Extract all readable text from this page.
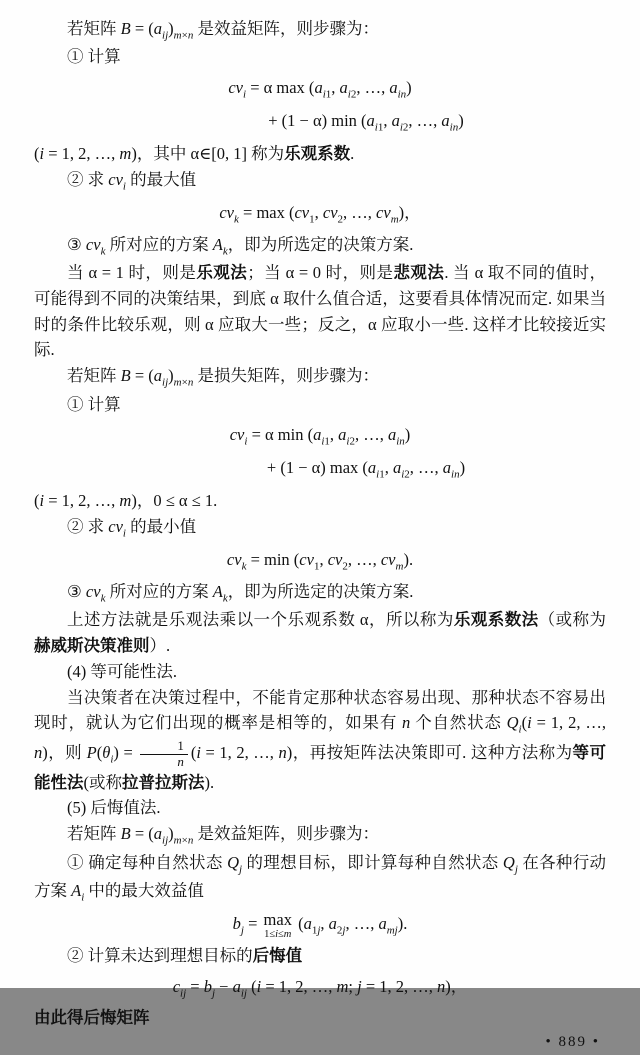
若矩阵 $B = (a_{ij})_{m\times n}$ 是效益矩阵，则步骤为：
① 计算
$cv_i = \alpha$ $\max (a_{i1}$, $a_{i2}$, …, $a_{in}$)
+ (1 − α) $\min (a_{i1}$, $a_{i2}$, …, $a_{in}$)
(i = 1, 2, …, m)，其中 α∈[0, 1] 称为乐观系数.
② 求 $cv_i$ 的最大值
$cv_k = \max (cv_1$, $cv_2$, …, $cv_m$)，
③ $cv_k$ 所对应的方案 $A_k$，即为所选定的决策方案.
当 α = 1 时，则是乐观法；当 α = 0 时，则是悲观法. 当 α 取不同的值时，可能得到不同的决策结果，到底 α 取什么值合适，这要看具体情况而定. 如果当时的条件比较乐观，则 α 应取大一些；反之，α 应取小一些. 这样才比较接近实际.
若矩阵 $B = (a_{ij})_{m\times n}$ 是损失矩阵，则步骤为：
① 计算
$cv_i = \alpha$ $\min (a_{i1}$, $a_{i2}$, …, $a_{in}$)
+ (1 − α) $\max (a_{i1}$, $a_{i2}$, …, $a_{in}$)
(i = 1, 2, …, m)，0 ≤ α ≤ 1.
② 求 $cv_i$ 的最小值
$cv_k = \min (cv_1$, $cv_2$, …, $cv_m$).
③ $cv_k$ 所对应的方案 $A_k$，即为所选定的决策方案.
上述方法就是乐观法乘以一个乐观系数 α，所以称为乐观系数法（或称为赫威斯决策准则）.
(4) 等可能性法.
当决策者在决策过程中，不能肯定那种状态容易出现、那种状态不容易出现时，就认为它们出现的概率是相等的，如果有 n 个自然状态 $Q_i(i = 1$, 2, …, n)，则 $P(\theta_i) = \frac{1}{n} (i = 1$, 2, …, n)，再按矩阵法决策即可. 这种方法称为等可能性法(或称拉普拉斯法).
(5) 后悔值法.
若矩阵 $B = (a_{ij})_{m\times n}$ 是效益矩阵，则步骤为：
① 确定每种自然状态 $Q_j$ 的理想目标，即计算每种自然状态 $Q_j$ 在各种行动方案 $A_i$ 中的最大效益值
$b_j = \max$
1≤i≤m
($a_{1j}$, $a_{2j}$, …, $a_{mj}$).
② 计算未达到理想目标的后悔值
$c_{ij} = b_j - a_{ij}$ (i = 1, 2, …, m; j = 1, 2, …, n)，
由此得后悔矩阵
• 889 •
